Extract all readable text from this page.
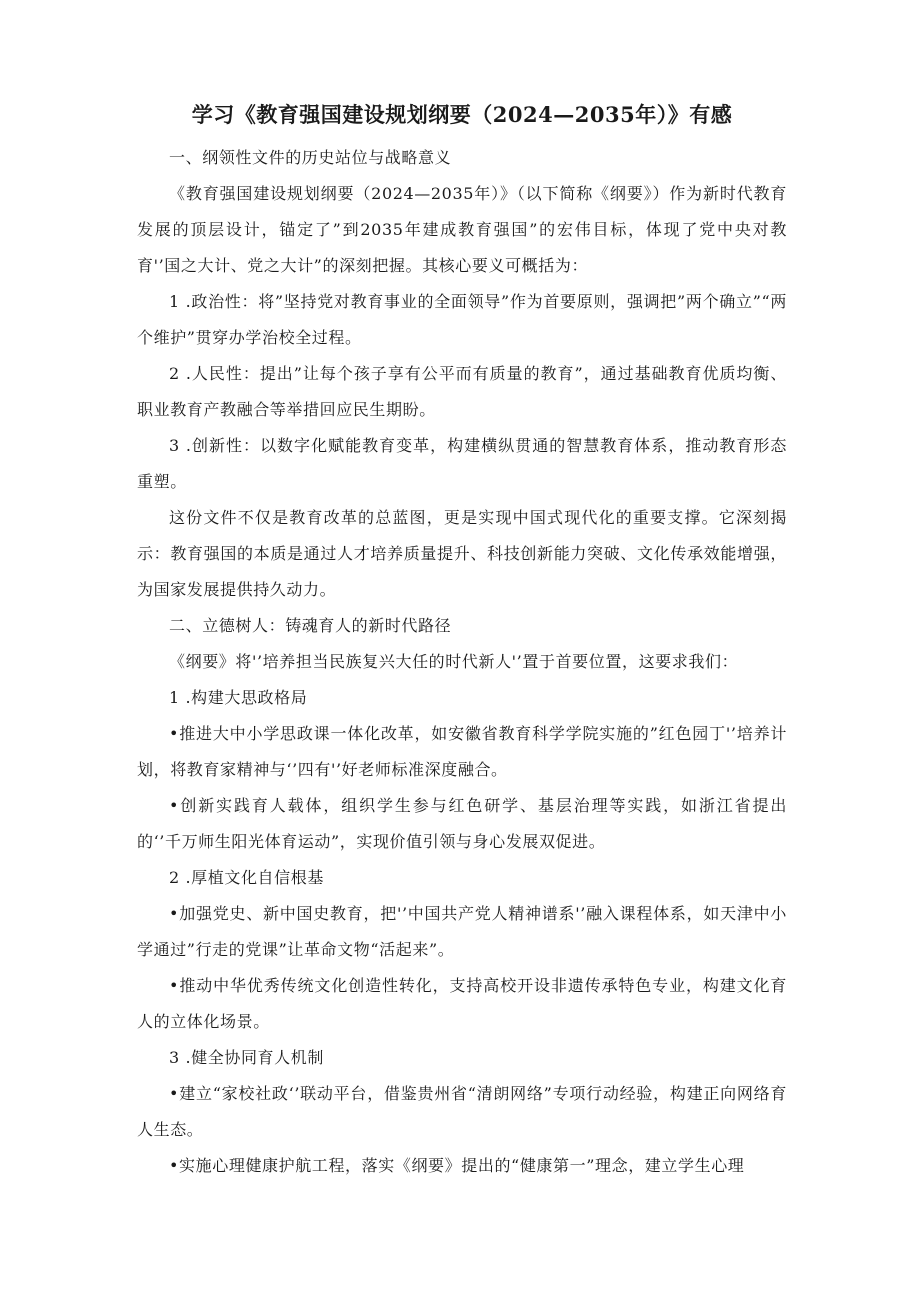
学习《教育强国建设规划纲要（2024—2035年）》有感

一、纲领性文件的历史站位与战略意义

《教育强国建设规划纲要（2024—2035年）》（以下简称《纲要》）作为新时代教育发展的顶层设计，锚定了”到2035年建成教育强国”的宏伟目标，体现了党中央对教育'’国之大计、党之大计”的深刻把握。其核心要义可概括为：

1 .政治性：将”坚持党对教育事业的全面领导”作为首要原则，强调把”两个确立”“两个维护”贯穿办学治校全过程。

2 .人民性：提出”让每个孩子享有公平而有质量的教育”，通过基础教育优质均衡、职业教育产教融合等举措回应民生期盼。

3 .创新性：以数字化赋能教育变革，构建横纵贯通的智慧教育体系，推动教育形态重塑。

这份文件不仅是教育改革的总蓝图，更是实现中国式现代化的重要支撑。它深刻揭示：教育强国的本质是通过人才培养质量提升、科技创新能力突破、文化传承效能增强，为国家发展提供持久动力。

二、立德树人：铸魂育人的新时代路径

《纲要》将'’培养担当民族复兴大任的时代新人'’置于首要位置，这要求我们：

1 .构建大思政格局

•推进大中小学思政课一体化改革，如安徽省教育科学学院实施的”红色园丁'’培养计划，将教育家精神与‘’四有'’好老师标准深度融合。

•创新实践育人载体，组织学生参与红色研学、基层治理等实践，如浙江省提出的‘’千万师生阳光体育运动”，实现价值引领与身心发展双促进。

2 .厚植文化自信根基

•加强党史、新中国史教育，把'’中国共产党人精神谱系'’融入课程体系，如天津中小学通过”行走的党课”让革命文物“活起来”。

•推动中华优秀传统文化创造性转化，支持高校开设非遗传承特色专业，构建文化育人的立体化场景。

3 .健全协同育人机制

•建立“家校社政‘’联动平台，借鉴贵州省“清朗网络”专项行动经验，构建正向网络育人生态。

•实施心理健康护航工程，落实《纲要》提出的“健康第一”理念，建立学生心理
